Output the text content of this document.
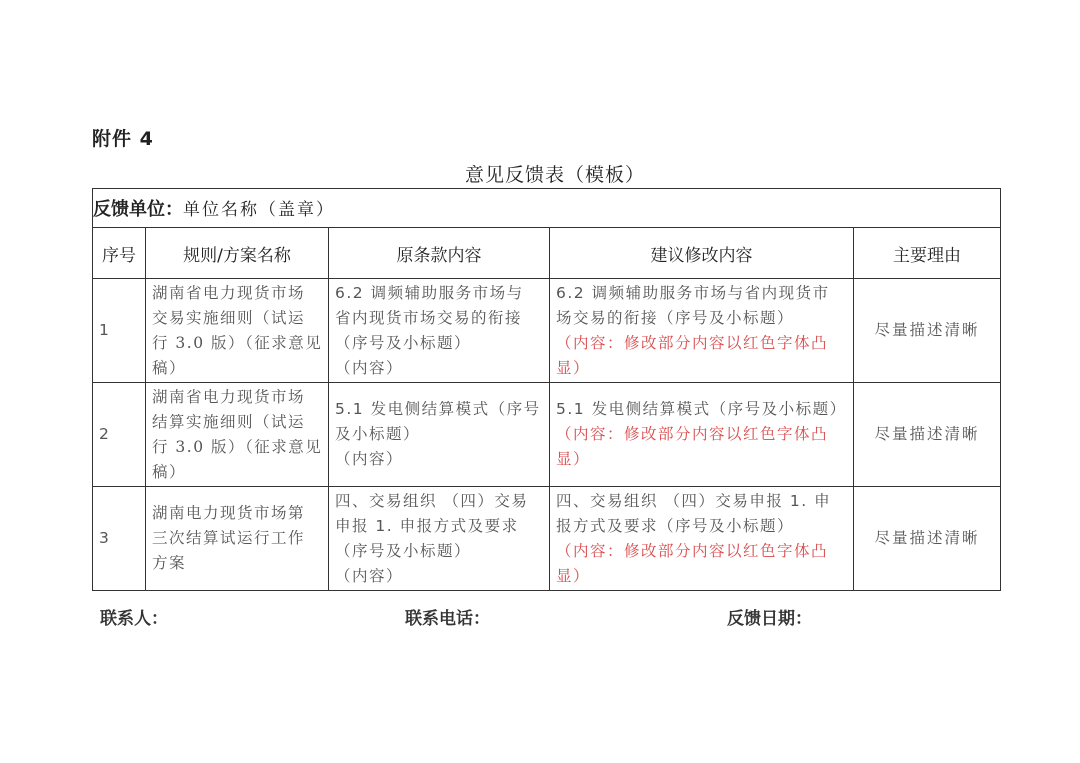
附件 4
意见反馈表（模板）
反馈单位：单位名称（盖章）				
序号	规则/方案名称	原条款内容	建议修改内容	主要理由
1	湖南省电力现货市场
交易实施细则（试运
行 3.0 版）（征求意见
稿）	6.2 调频辅助服务市场与
省内现货市场交易的衔接
（序号及小标题）
（内容）	6.2 调频辅助服务市场与省内现货市
场交易的衔接（序号及小标题）
（内容：修改部分内容以红色字体凸
显）	尽量描述清晰
2	湖南省电力现货市场
结算实施细则（试运
行 3.0 版）（征求意见
稿）	5.1 发电侧结算模式（序号
及小标题）
（内容）	5.1 发电侧结算模式（序号及小标题）
（内容：修改部分内容以红色字体凸
显）	尽量描述清晰
3	湖南电力现货市场第
三次结算试运行工作
方案	四、交易组织 （四）交易
申报 1. 申报方式及要求
（序号及小标题）
（内容）	四、交易组织 （四）交易申报 1. 申
报方式及要求（序号及小标题）
（内容：修改部分内容以红色字体凸
显）	尽量描述清晰
联系人：	联系电话：	反馈日期：
